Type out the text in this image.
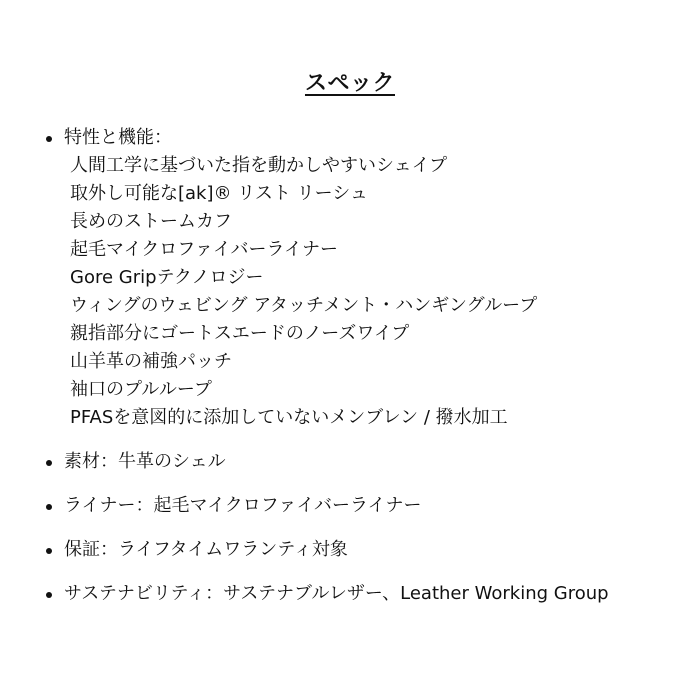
スペック
特性と機能：
人間工学に基づいた指を動かしやすいシェイプ
取外し可能な[ak]® リスト リーシュ
長めのストームカフ
起毛マイクロファイバーライナー
Gore Gripテクノロジー
ウィングのウェビング アタッチメント・ハンギングループ
親指部分にゴートスエードのノーズワイプ
山羊革の補強パッチ
袖口のプルループ
PFASを意図的に添加していないメンブレン / 撥水加工
素材：牛革のシェル
ライナー：起毛マイクロファイバーライナー
保証：ライフタイムワランティ対象
サステナビリティ：サステナブルレザー、Leather Working Group
